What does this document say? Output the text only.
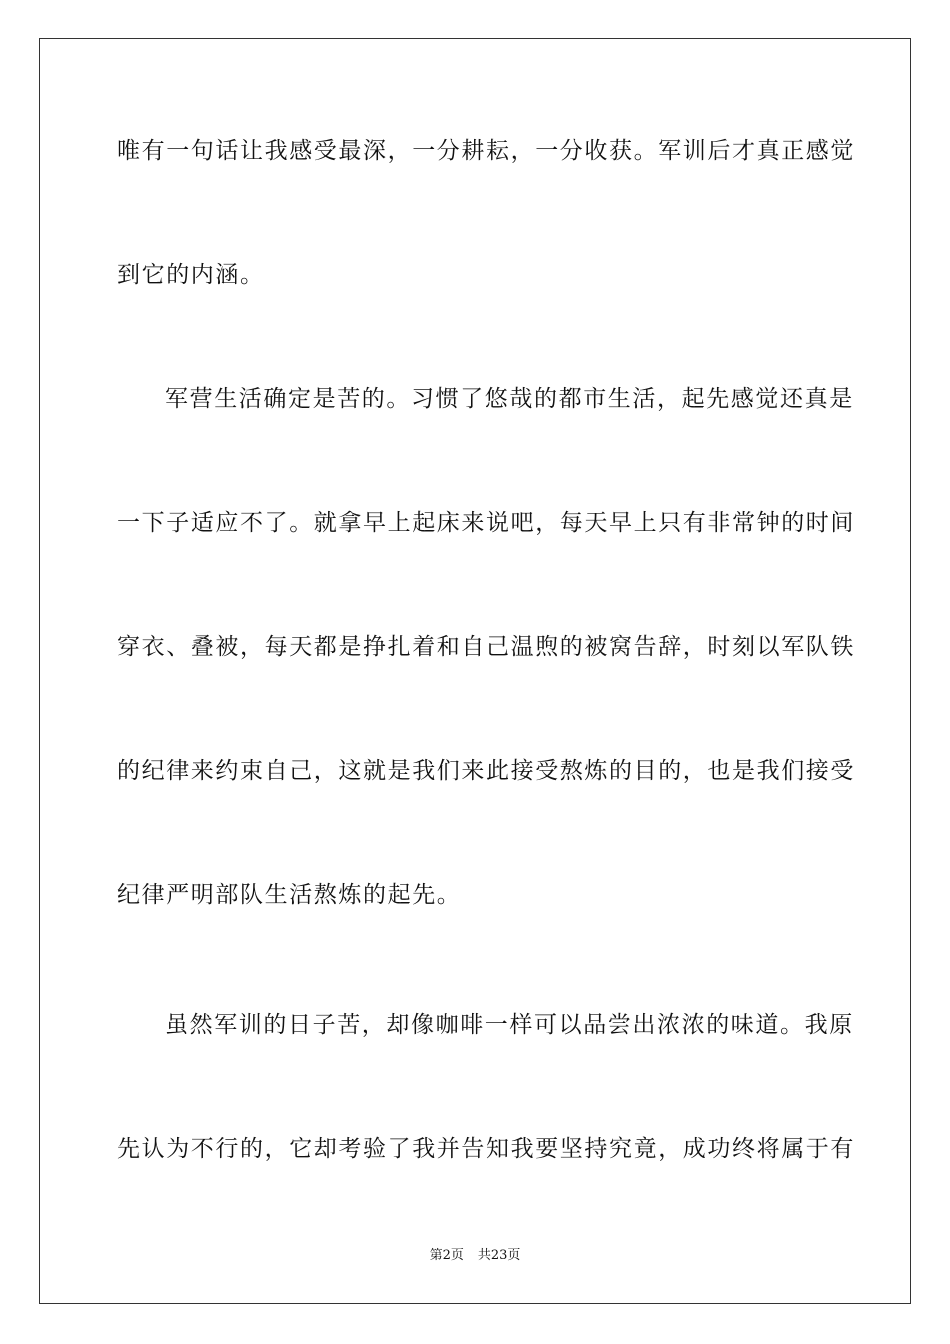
唯有一句话让我感受最深，一分耕耘，一分收获。军训后才真正感觉
到它的内涵。
军营生活确定是苦的。习惯了悠哉的都市生活，起先感觉还真是
一下子适应不了。就拿早上起床来说吧，每天早上只有非常钟的时间
穿衣、叠被，每天都是挣扎着和自己温煦的被窝告辞，时刻以军队铁
的纪律来约束自己，这就是我们来此接受熬炼的目的，也是我们接受
纪律严明部队生活熬炼的起先。
虽然军训的日子苦，却像咖啡一样可以品尝出浓浓的味道。我原
先认为不行的，它却考验了我并告知我要坚持究竟，成功终将属于有
第2页 共23页
